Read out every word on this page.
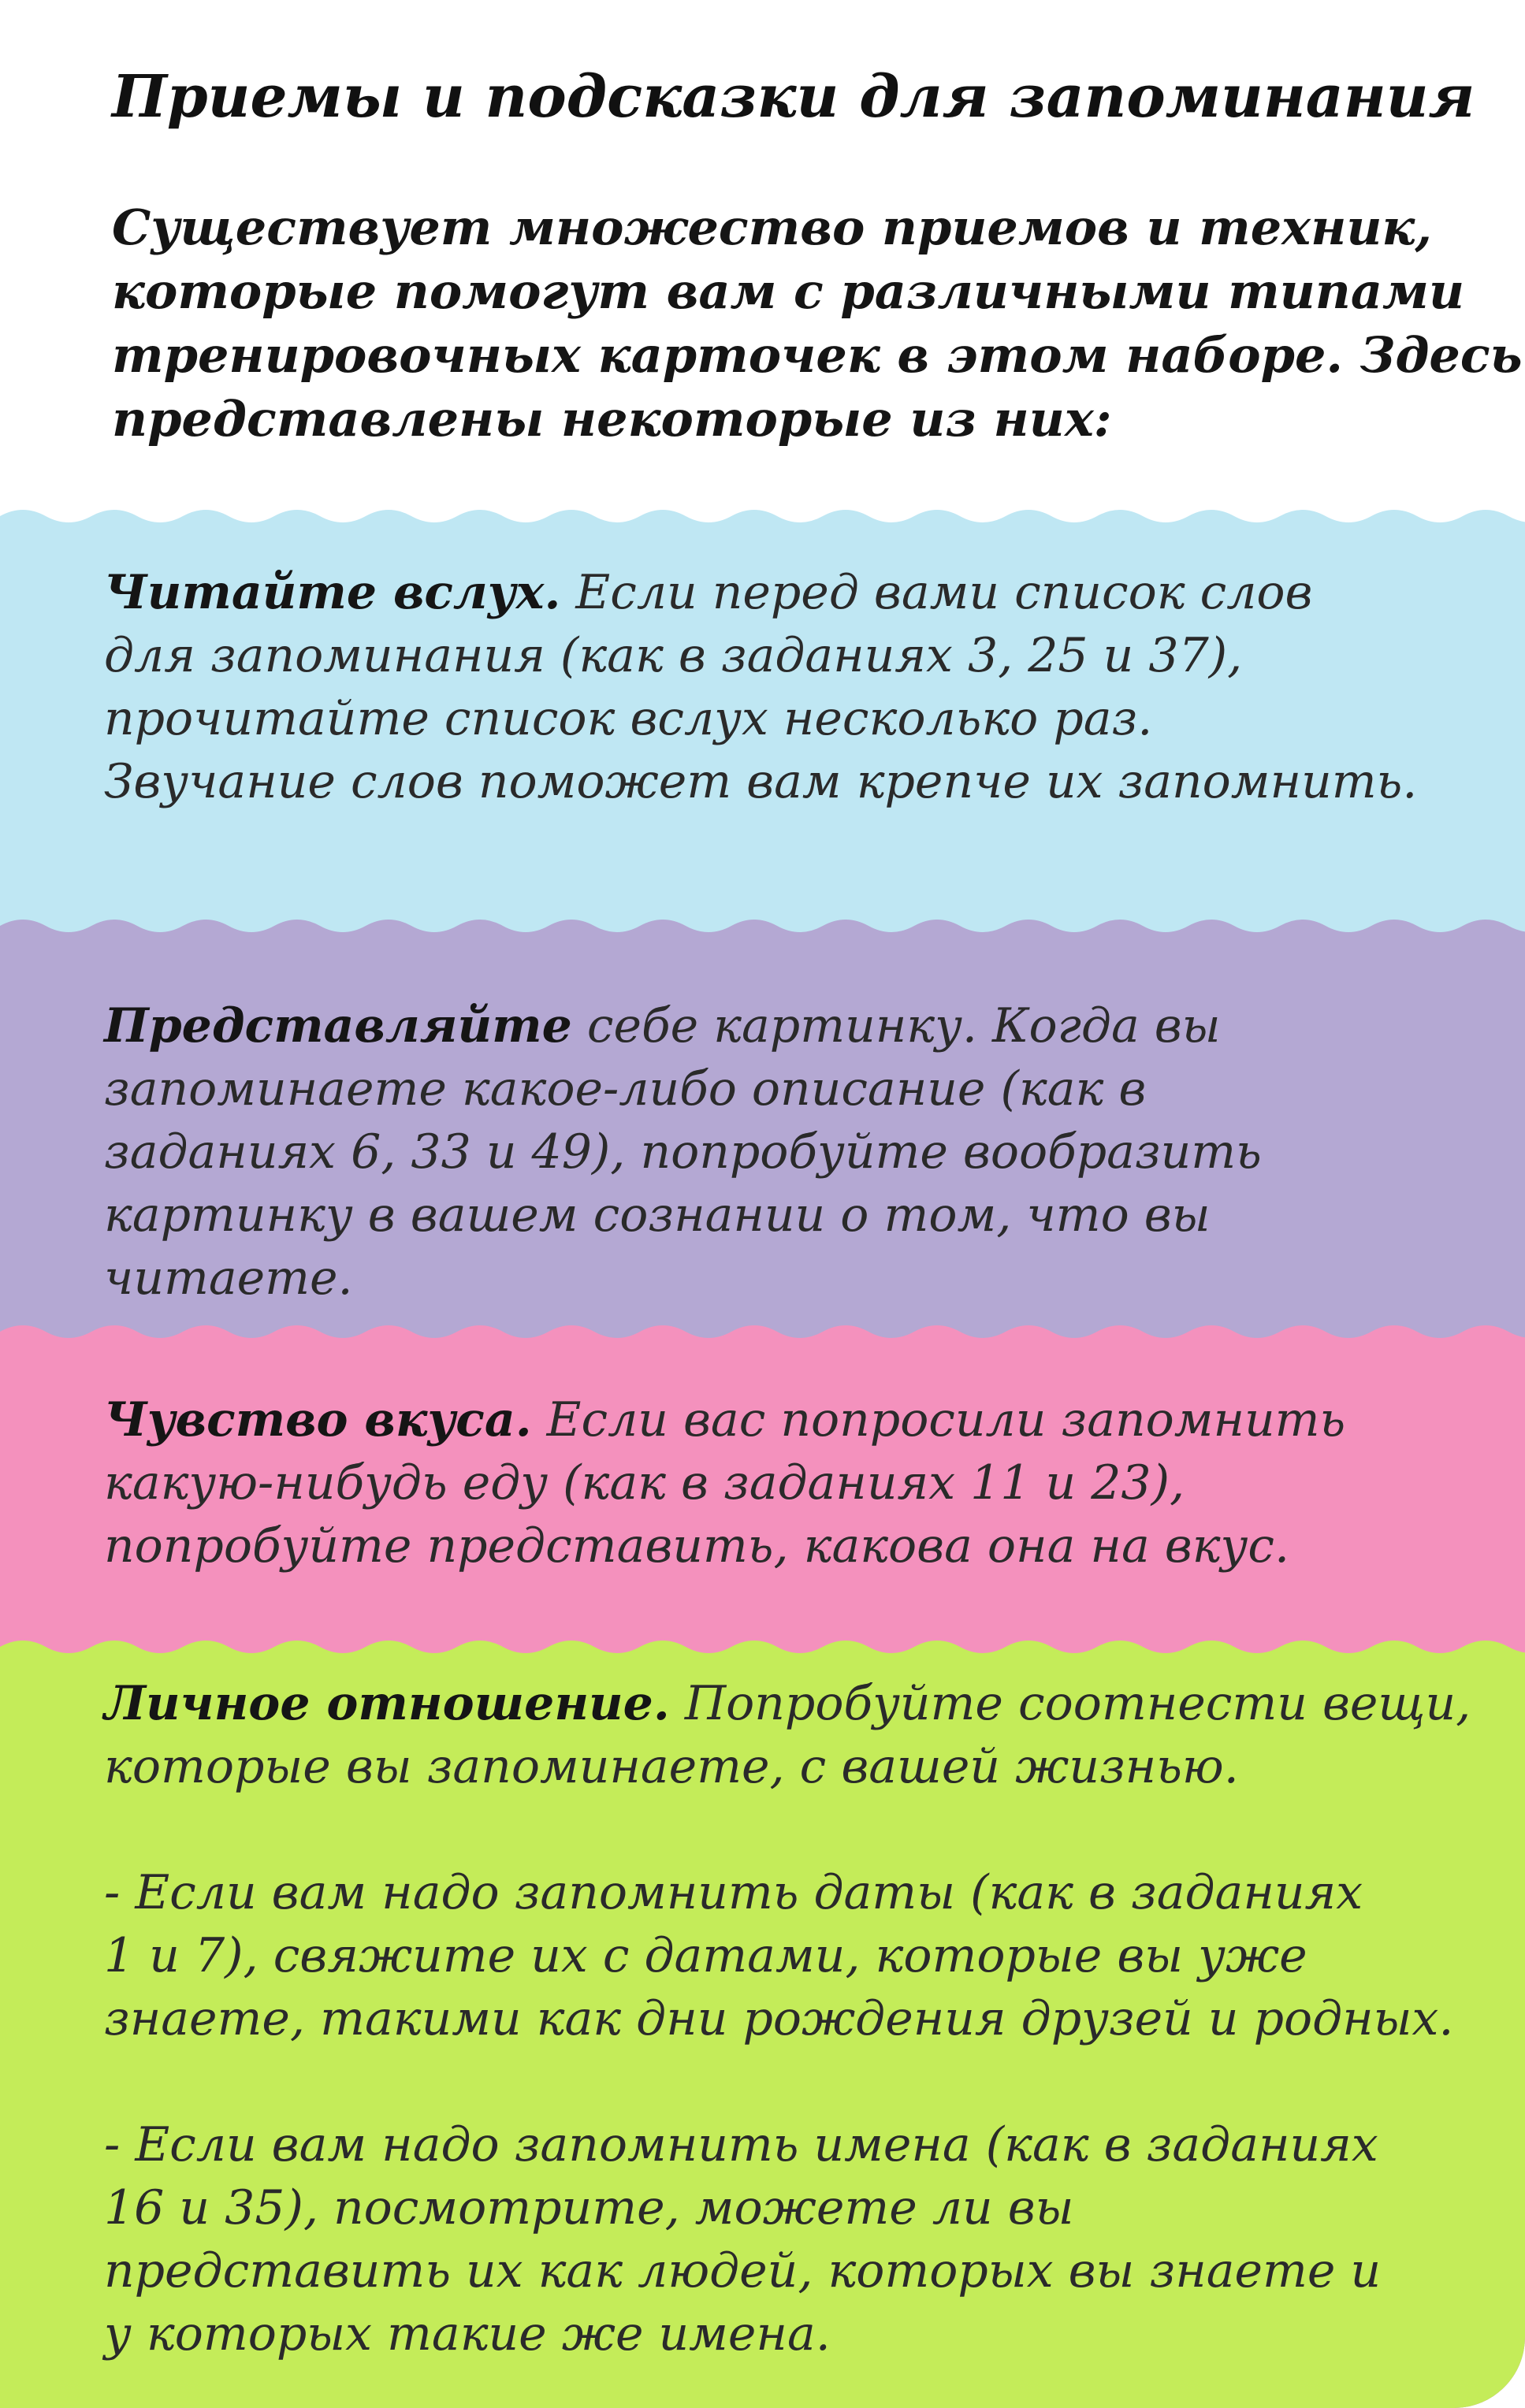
Приемы и подсказки для запоминания
Существует множество приемов и техник,
которые помогут вам с различными типами
тренировочных карточек в этом наборе. Здесь
представлены некоторые из них:
Читайте вслух. Если перед вами список слов
для запоминания (как в заданиях 3, 25 и 37),
прочитайте список вслух несколько раз.
Звучание слов поможет вам крепче их запомнить.
Представляйте себе картинку. Когда вы
запоминаете какое-либо описание (как в
заданиях 6, 33 и 49), попробуйте вообразить
картинку в вашем сознании о том, что вы
читаете.
Чувство вкуса. Если вас попросили запомнить
какую-нибудь еду (как в заданиях 11 и 23),
попробуйте представить, какова она на вкус.
Личное отношение. Попробуйте соотнести вещи,
которые вы запоминаете, с вашей жизнью.
- Если вам надо запомнить даты (как в заданиях
1 и 7), свяжите их с датами, которые вы уже
знаете, такими как дни рождения друзей и родных.
- Если вам надо запомнить имена (как в заданиях
16 и 35), посмотрите, можете ли вы
представить их как людей, которых вы знаете и
у которых такие же имена.
